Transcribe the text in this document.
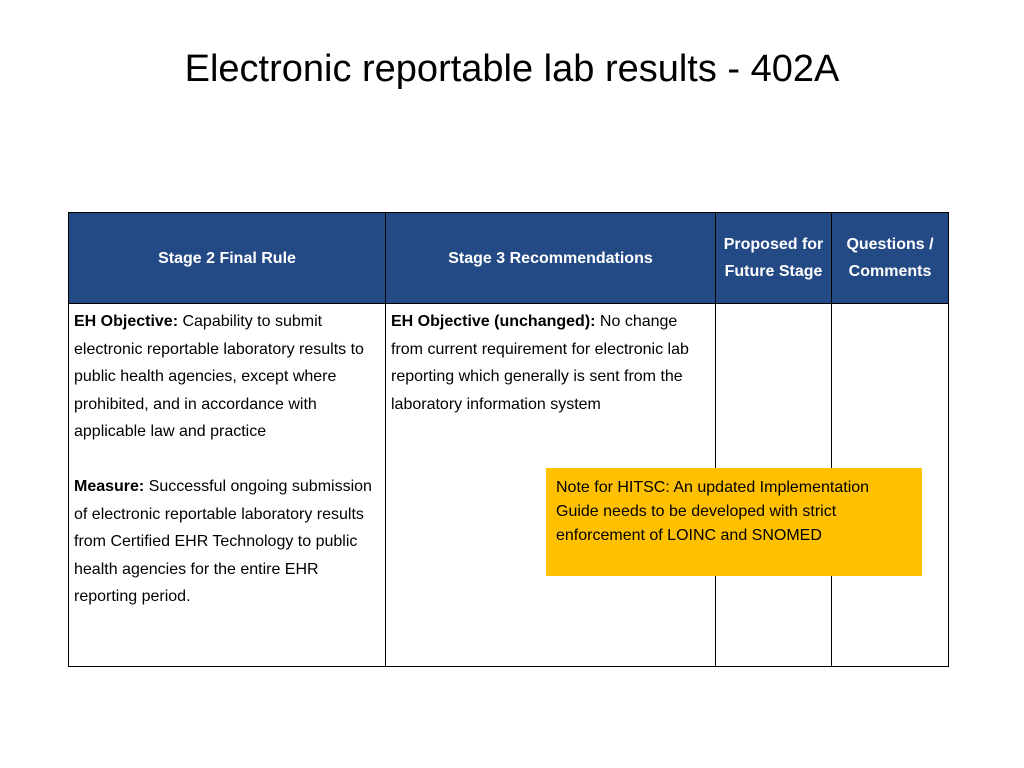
Electronic reportable lab results - 402A
Stage 2 Final Rule	Stage 3 Recommendations	Proposed for Future Stage	Questions / Comments

EH Objective: Capability to submit electronic reportable laboratory results to public health agencies, except where prohibited, and in accordance with applicable law and practice

Measure: Successful ongoing submission of electronic reportable laboratory results from Certified EHR Technology to public health agencies for the entire EHR reporting period.	EH Objective (unchanged): No change from current requirement for electronic lab reporting which generally is sent from the laboratory information system		

Note for HITSC: An updated Implementation Guide needs to be developed with strict enforcement of LOINC and SNOMED
